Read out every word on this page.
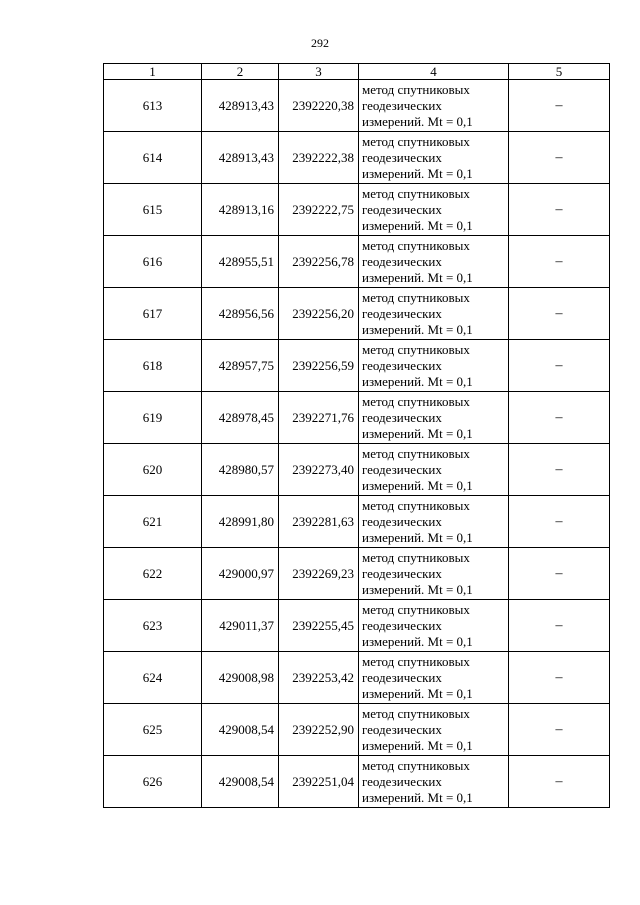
292
1	2	3	4	5
613	428913,43	2392220,38	метод спутниковых
геодезических
измерений. Mt = 0,1	–
614	428913,43	2392222,38	метод спутниковых
геодезических
измерений. Mt = 0,1	–
615	428913,16	2392222,75	метод спутниковых
геодезических
измерений. Mt = 0,1	–
616	428955,51	2392256,78	метод спутниковых
геодезических
измерений. Mt = 0,1	–
617	428956,56	2392256,20	метод спутниковых
геодезических
измерений. Mt = 0,1	–
618	428957,75	2392256,59	метод спутниковых
геодезических
измерений. Mt = 0,1	–
619	428978,45	2392271,76	метод спутниковых
геодезических
измерений. Mt = 0,1	–
620	428980,57	2392273,40	метод спутниковых
геодезических
измерений. Mt = 0,1	–
621	428991,80	2392281,63	метод спутниковых
геодезических
измерений. Mt = 0,1	–
622	429000,97	2392269,23	метод спутниковых
геодезических
измерений. Mt = 0,1	–
623	429011,37	2392255,45	метод спутниковых
геодезических
измерений. Mt = 0,1	–
624	429008,98	2392253,42	метод спутниковых
геодезических
измерений. Mt = 0,1	–
625	429008,54	2392252,90	метод спутниковых
геодезических
измерений. Mt = 0,1	–
626	429008,54	2392251,04	метод спутниковых
геодезических
измерений. Mt = 0,1	–
